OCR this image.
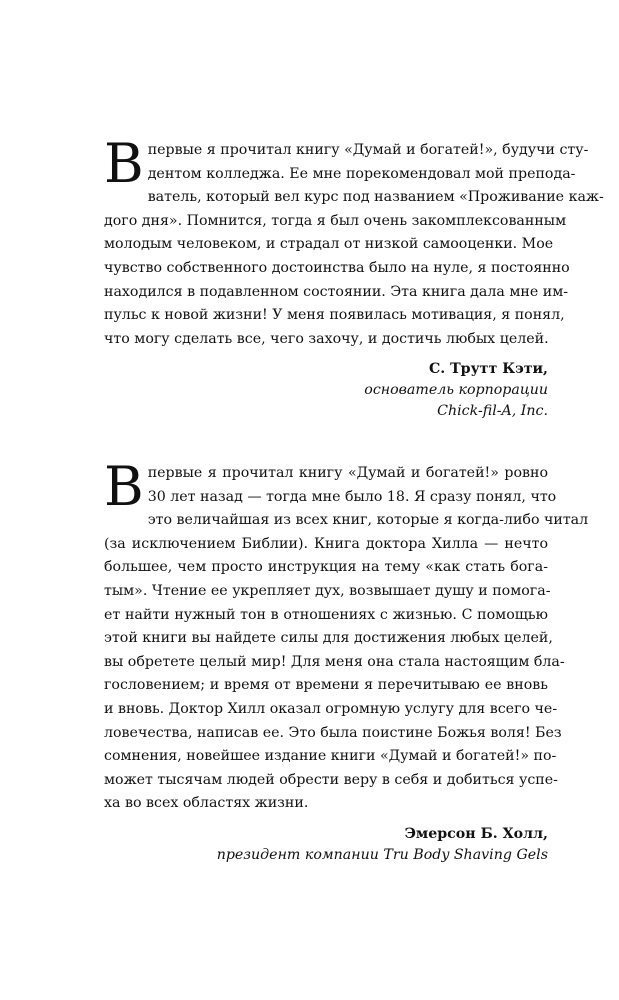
В первые я прочитал книгу «Думай и богатей!», будучи сту-
дентом колледжа. Ее мне порекомендовал мой препода-
ватель, который вел курс под названием «Проживание каж-
дого дня». Помнится, тогда я был очень закомплексованным
молодым человеком, и страдал от низкой самооценки. Мое
чувство собственного достоинства было на нуле, я постоянно
находился в подавленном состоянии. Эта книга дала мне им-
пульс к новой жизни! У меня появилась мотивация, я понял,
что могу сделать все, чего захочу, и достичь любых целей.
С. Трутт Кэти,
основатель корпорации
Chick-fil-A, Inc.
В первые я прочитал книгу «Думай и богатей!» ровно
30 лет назад — тогда мне было 18. Я сразу понял, что
это величайшая из всех книг, которые я когда-либо читал
(за исключением Библии). Книга доктора Хилла — нечто
большее, чем просто инструкция на тему «как стать бога-
тым». Чтение ее укрепляет дух, возвышает душу и помога-
ет найти нужный тон в отношениях с жизнью. С помощью
этой книги вы найдете силы для достижения любых целей,
вы обретете целый мир! Для меня она стала настоящим бла-
гословением; и время от времени я перечитываю ее вновь
и вновь. Доктор Хилл оказал огромную услугу для всего че-
ловечества, написав ее. Это была поистине Божья воля! Без
сомнения, новейшее издание книги «Думай и богатей!» по-
может тысячам людей обрести веру в себя и добиться успе-
ха во всех областях жизни.
Эмерсон Б. Холл,
президент компании Tru Body Shaving Gels
